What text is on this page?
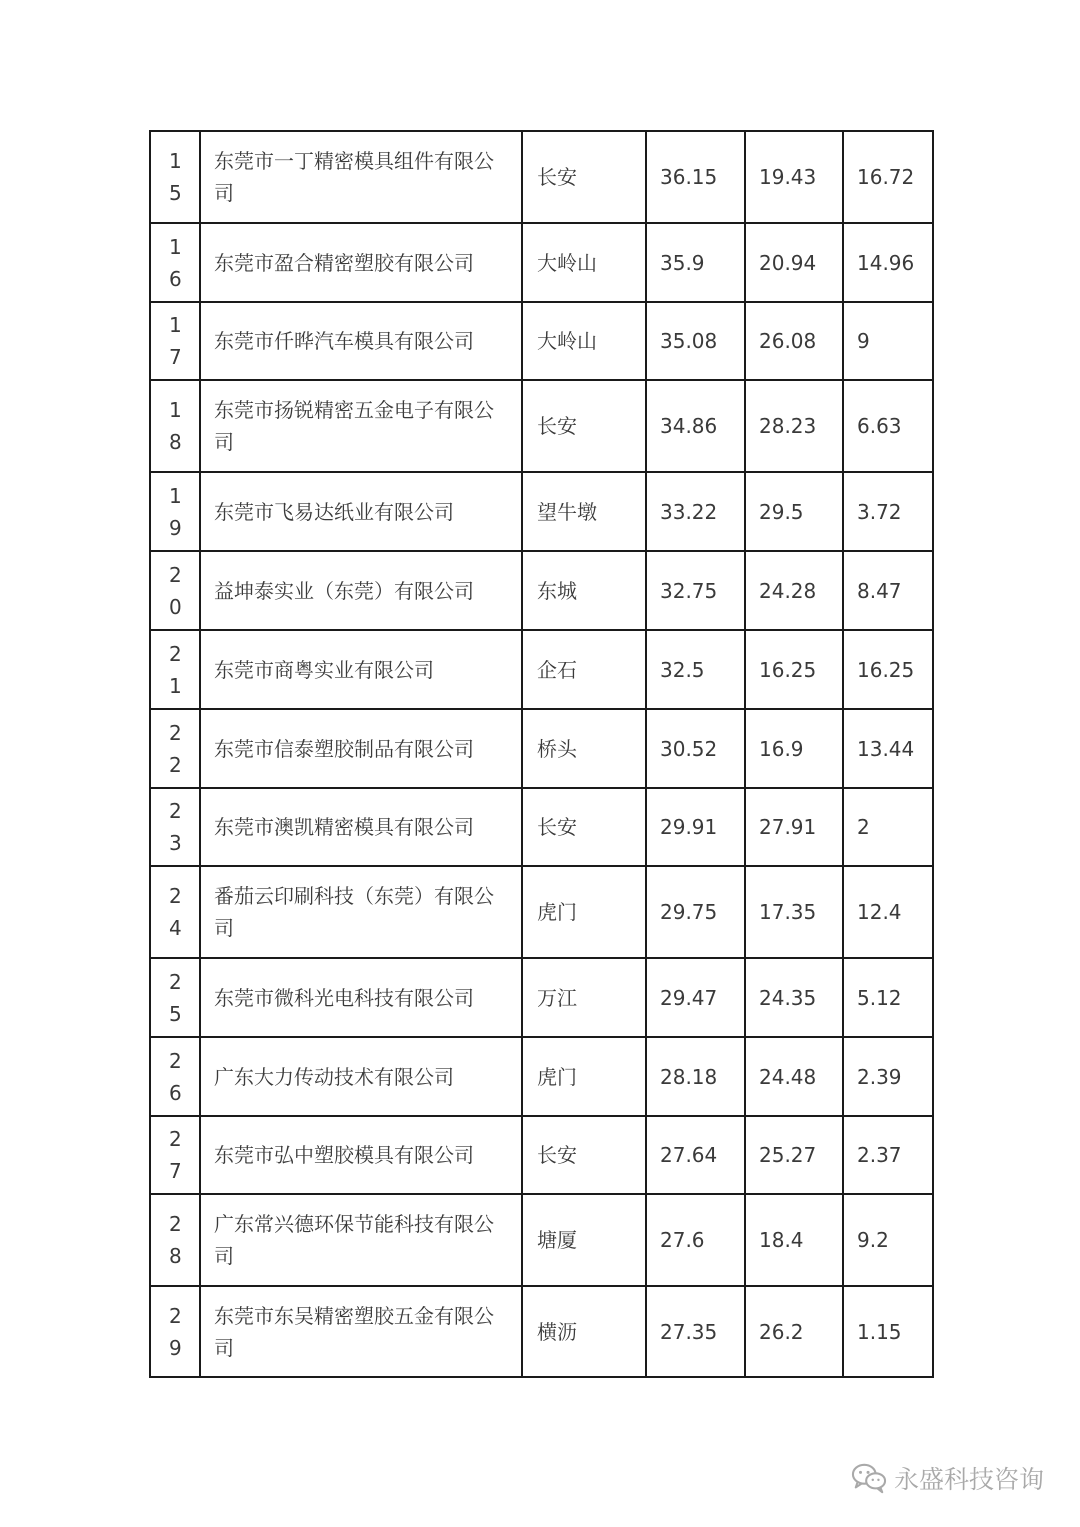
15	东莞市一丁精密模具组件有限公司	长安	36.15	19.43	16.72

16	东莞市盈合精密塑胶有限公司	大岭山	35.9	20.94	14.96

17	东莞市仟晔汽车模具有限公司	大岭山	35.08	26.08	9

18	东莞市扬锐精密五金电子有限公司	长安	34.86	28.23	6.63

19	东莞市飞易达纸业有限公司	望牛墩	33.22	29.5	3.72

20	益坤泰实业（东莞）有限公司	东城	32.75	24.28	8.47

21	东莞市商粤实业有限公司	企石	32.5	16.25	16.25

22	东莞市信泰塑胶制品有限公司	桥头	30.52	16.9	13.44

23	东莞市澳凯精密模具有限公司	长安	29.91	27.91	2

24	番茄云印刷科技（东莞）有限公司	虎门	29.75	17.35	12.4

25	东莞市微科光电科技有限公司	万江	29.47	24.35	5.12

26	广东大力传动技术有限公司	虎门	28.18	24.48	2.39

27	东莞市弘中塑胶模具有限公司	长安	27.64	25.27	2.37

28	广东常兴德环保节能科技有限公司	塘厦	27.6	18.4	9.2

29	东莞市东吴精密塑胶五金有限公司	横沥	27.35	26.2	1.15
永盛科技咨询
